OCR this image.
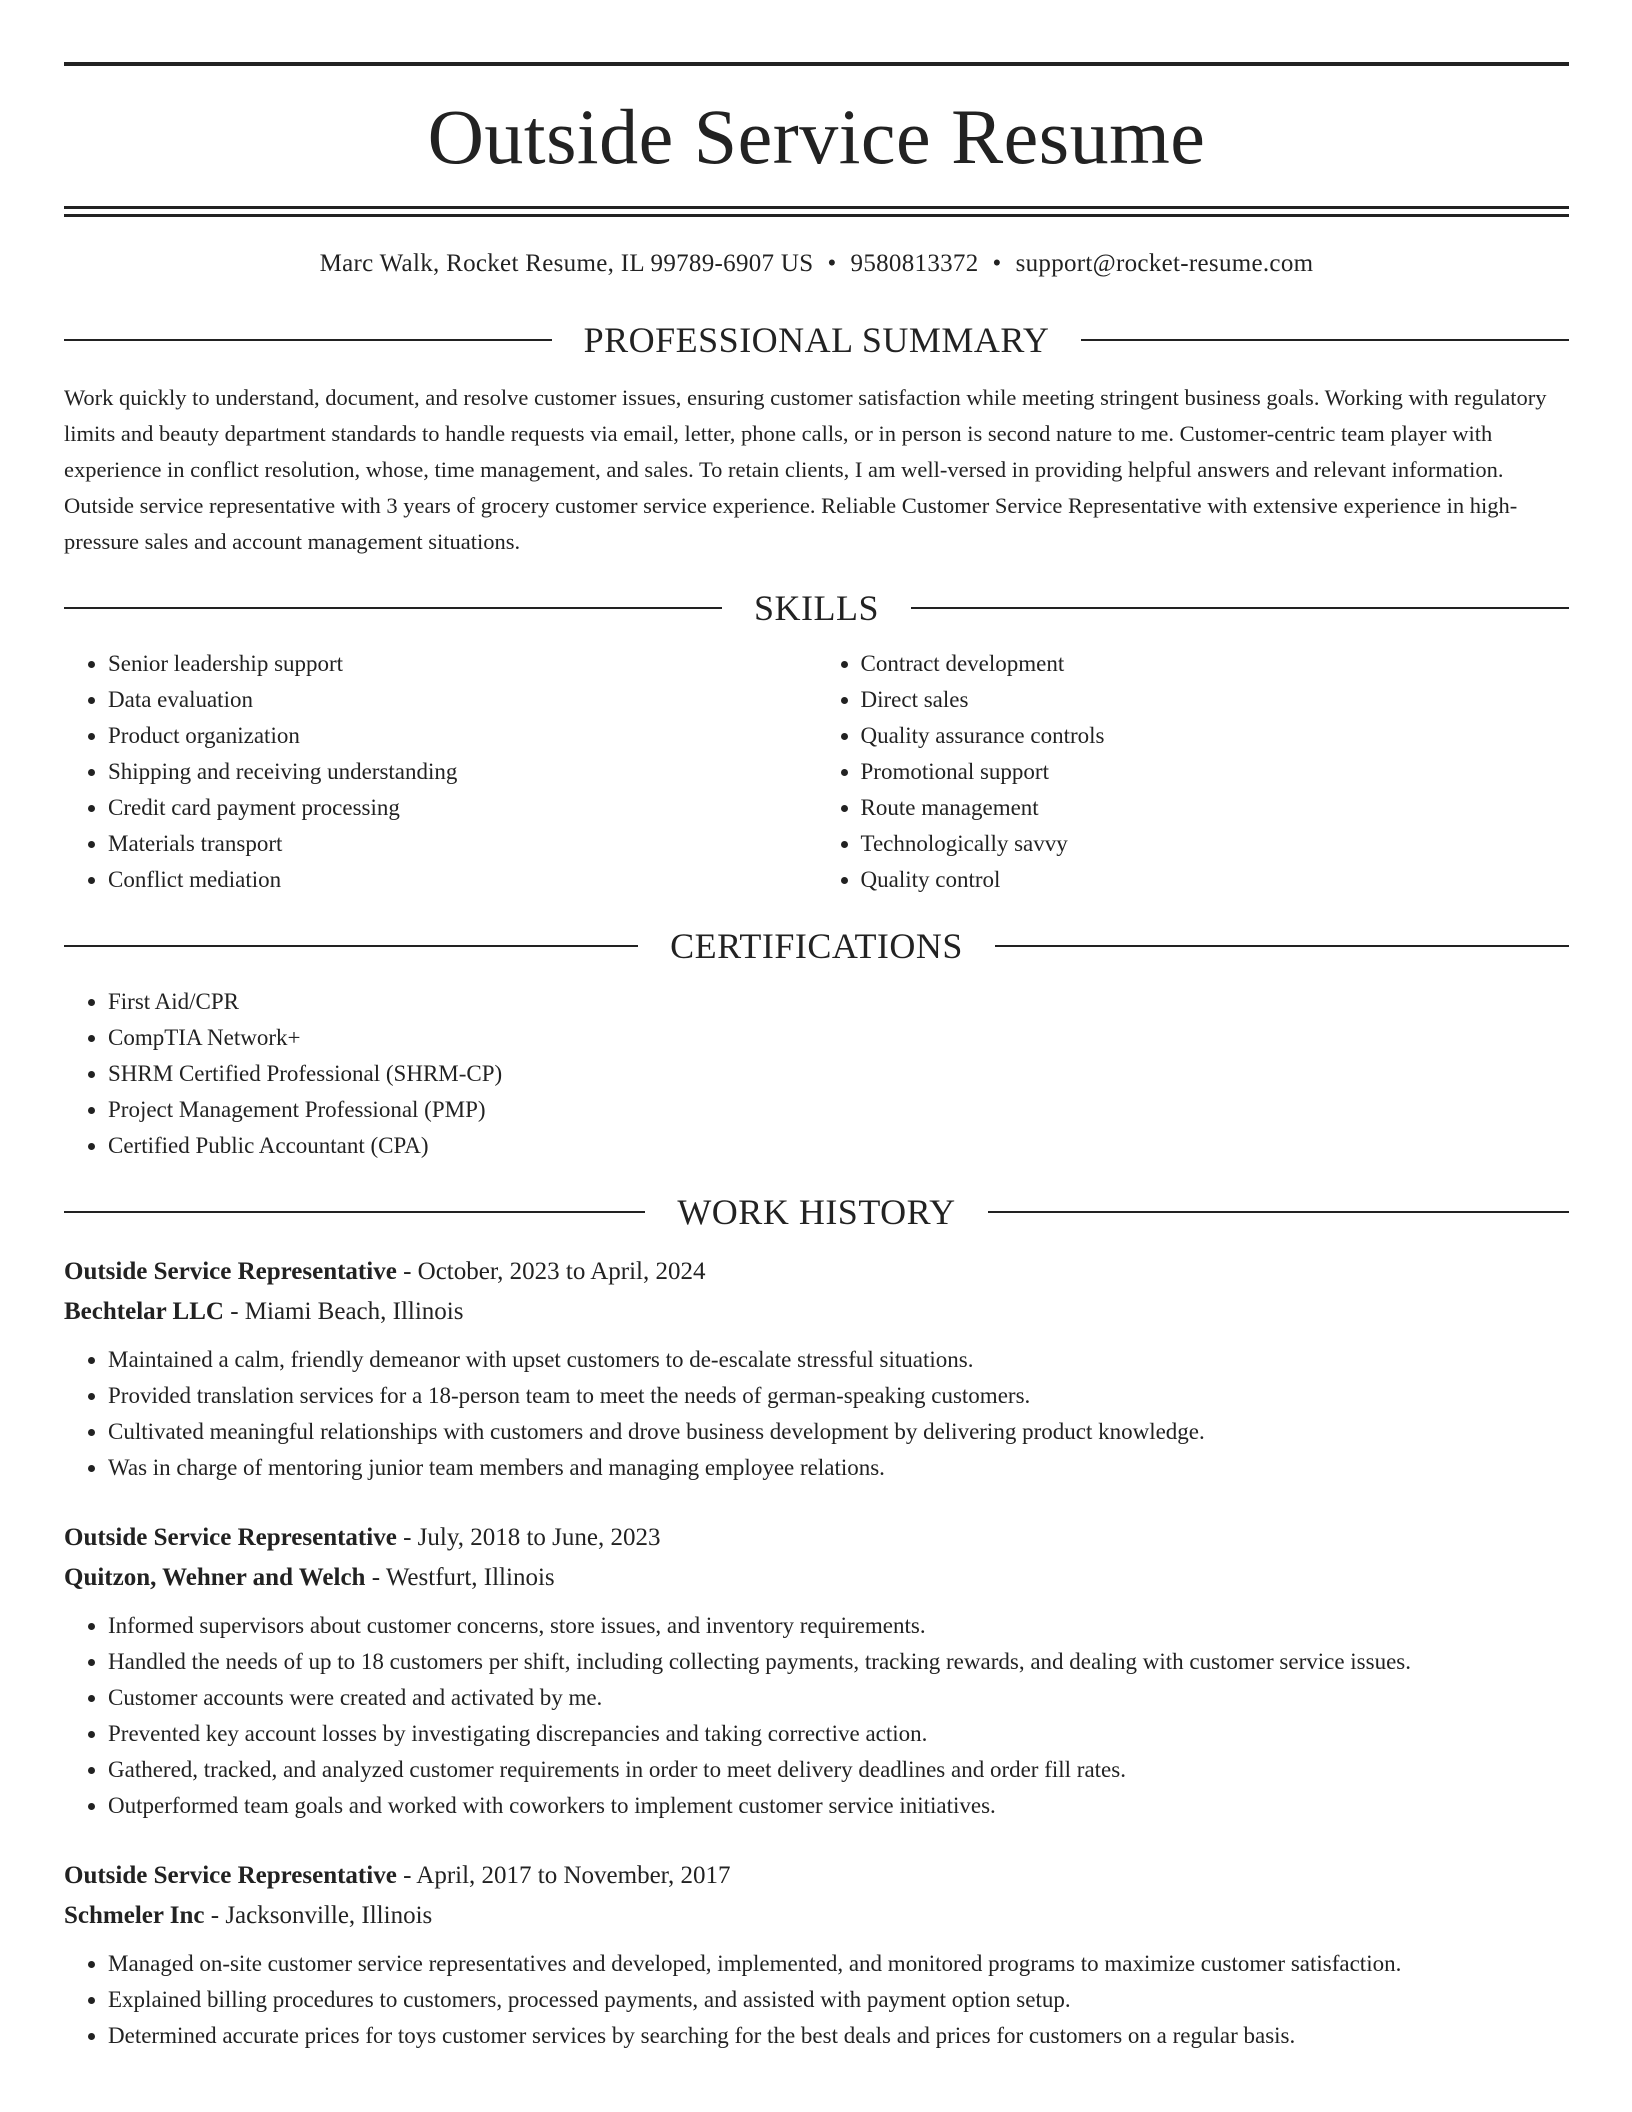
Outside Service Resume
Marc Walk, Rocket Resume, IL 99789-6907 US • 9580813372 • support@rocket-resume.com
PROFESSIONAL SUMMARY

Work quickly to understand, document, and resolve customer issues, ensuring customer satisfaction while meeting stringent business goals. Working with regulatory limits and beauty department standards to handle requests via email, letter, phone calls, or in person is second nature to me. Customer-centric team player with experience in conflict resolution, whose, time management, and sales. To retain clients, I am well-versed in providing helpful answers and relevant information. Outside service representative with 3 years of grocery customer service experience. Reliable Customer Service Representative with extensive experience in high-pressure sales and account management situations.

SKILLS
• Senior leadership support
• Data evaluation
• Product organization
• Shipping and receiving understanding
• Credit card payment processing
• Materials transport
• Conflict mediation
• Contract development
• Direct sales
• Quality assurance controls
• Promotional support
• Route management
• Technologically savvy
• Quality control
CERTIFICATIONS
• First Aid/CPR
• CompTIA Network+
• SHRM Certified Professional (SHRM-CP)
• Project Management Professional (PMP)
• Certified Public Accountant (CPA)
WORK HISTORY
Outside Service Representative - October, 2023 to April, 2024
Bechtelar LLC - Miami Beach, Illinois
• Maintained a calm, friendly demeanor with upset customers to de-escalate stressful situations.
• Provided translation services for a 18-person team to meet the needs of german-speaking customers.
• Cultivated meaningful relationships with customers and drove business development by delivering product knowledge.
• Was in charge of mentoring junior team members and managing employee relations.
Outside Service Representative - July, 2018 to June, 2023
Quitzon, Wehner and Welch - Westfurt, Illinois
• Informed supervisors about customer concerns, store issues, and inventory requirements.
• Handled the needs of up to 18 customers per shift, including collecting payments, tracking rewards, and dealing with customer service issues.
• Customer accounts were created and activated by me.
• Prevented key account losses by investigating discrepancies and taking corrective action.
• Gathered, tracked, and analyzed customer requirements in order to meet delivery deadlines and order fill rates.
• Outperformed team goals and worked with coworkers to implement customer service initiatives.
Outside Service Representative - April, 2017 to November, 2017
Schmeler Inc - Jacksonville, Illinois
• Managed on-site customer service representatives and developed, implemented, and monitored programs to maximize customer satisfaction.
• Explained billing procedures to customers, processed payments, and assisted with payment option setup.
• Determined accurate prices for toys customer services by searching for the best deals and prices for customers on a regular basis.
